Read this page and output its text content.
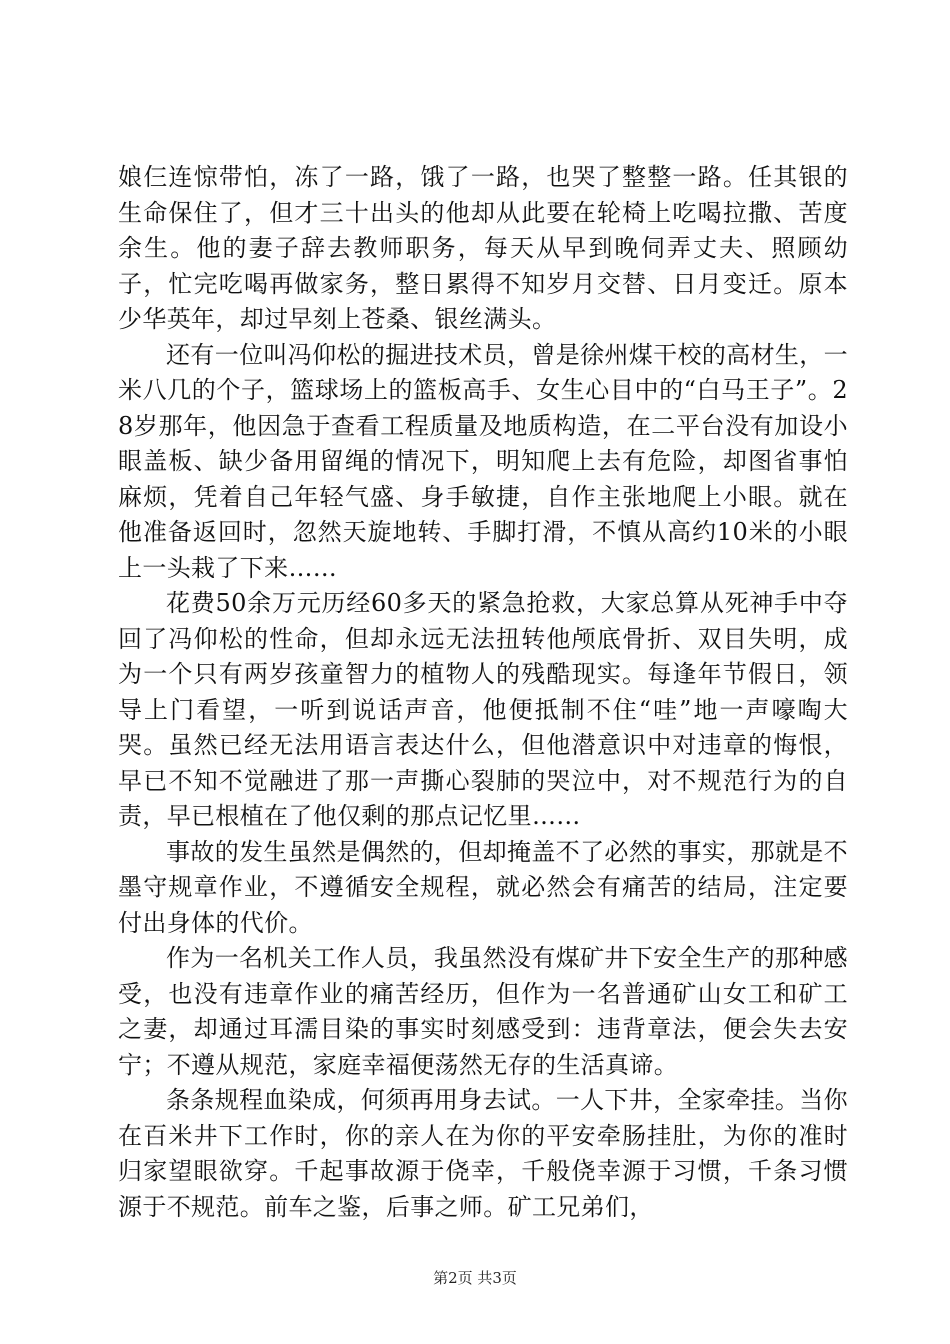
娘仨连惊带怕，冻了一路，饿了一路，也哭了整整一路。任其银的生命保住了，但才三十出头的他却从此要在轮椅上吃喝拉撒、苦度余生。他的妻子辞去教师职务，每天从早到晚伺弄丈夫、照顾幼子，忙完吃喝再做家务，整日累得不知岁月交替、日月变迁。原本少华英年，却过早刻上苍桑、银丝满头。

还有一位叫冯仰松的掘进技术员，曾是徐州煤干校的高材生，一米八几的个子，篮球场上的篮板高手、女生心目中的“白马王子”。28岁那年，他因急于查看工程质量及地质构造，在二平台没有加设小眼盖板、缺少备用留绳的情况下，明知爬上去有危险，却图省事怕麻烦，凭着自己年轻气盛、身手敏捷，自作主张地爬上小眼。就在他准备返回时，忽然天旋地转、手脚打滑，不慎从高约10米的小眼上一头栽了下来……

花费50余万元历经60多天的紧急抢救，大家总算从死神手中夺回了冯仰松的性命，但却永远无法扭转他颅底骨折、双目失明，成为一个只有两岁孩童智力的植物人的残酷现实。每逢年节假日，领导上门看望，一听到说话声音，他便抵制不住“哇”地一声嚎啕大哭。虽然已经无法用语言表达什么，但他潜意识中对违章的悔恨，早已不知不觉融进了那一声撕心裂肺的哭泣中，对不规范行为的自责，早已根植在了他仅剩的那点记忆里……

事故的发生虽然是偶然的，但却掩盖不了必然的事实，那就是不墨守规章作业，不遵循安全规程，就必然会有痛苦的结局，注定要付出身体的代价。

作为一名机关工作人员，我虽然没有煤矿井下安全生产的那种感受，也没有违章作业的痛苦经历，但作为一名普通矿山女工和矿工之妻，却通过耳濡目染的事实时刻感受到：违背章法，便会失去安宁；不遵从规范，家庭幸福便荡然无存的生活真谛。

条条规程血染成，何须再用身去试。一人下井，全家牵挂。当你在百米井下工作时，你的亲人在为你的平安牵肠挂肚，为你的准时归家望眼欲穿。千起事故源于侥幸，千般侥幸源于习惯，千条习惯源于不规范。前车之鉴，后事之师。矿工兄弟们，

第2页 共3页
